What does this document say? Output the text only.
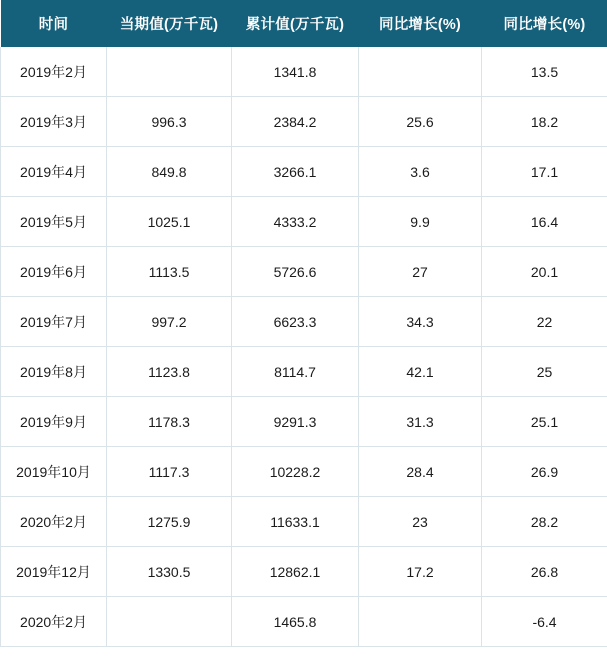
时间	当期值(万千瓦)	累计值(万千瓦)	同比增长(%)	同比增长(%)
2019年2月		1341.8		13.5
2019年3月	996.3	2384.2	25.6	18.2
2019年4月	849.8	3266.1	3.6	17.1
2019年5月	1025.1	4333.2	9.9	16.4
2019年6月	1113.5	5726.6	27	20.1
2019年7月	997.2	6623.3	34.3	22
2019年8月	1123.8	8114.7	42.1	25
2019年9月	1178.3	9291.3	31.3	25.1
2019年10月	1117.3	10228.2	28.4	26.9
2020年2月	1275.9	11633.1	23	28.2
2019年12月	1330.5	12862.1	17.2	26.8
2020年2月		1465.8		-6.4
